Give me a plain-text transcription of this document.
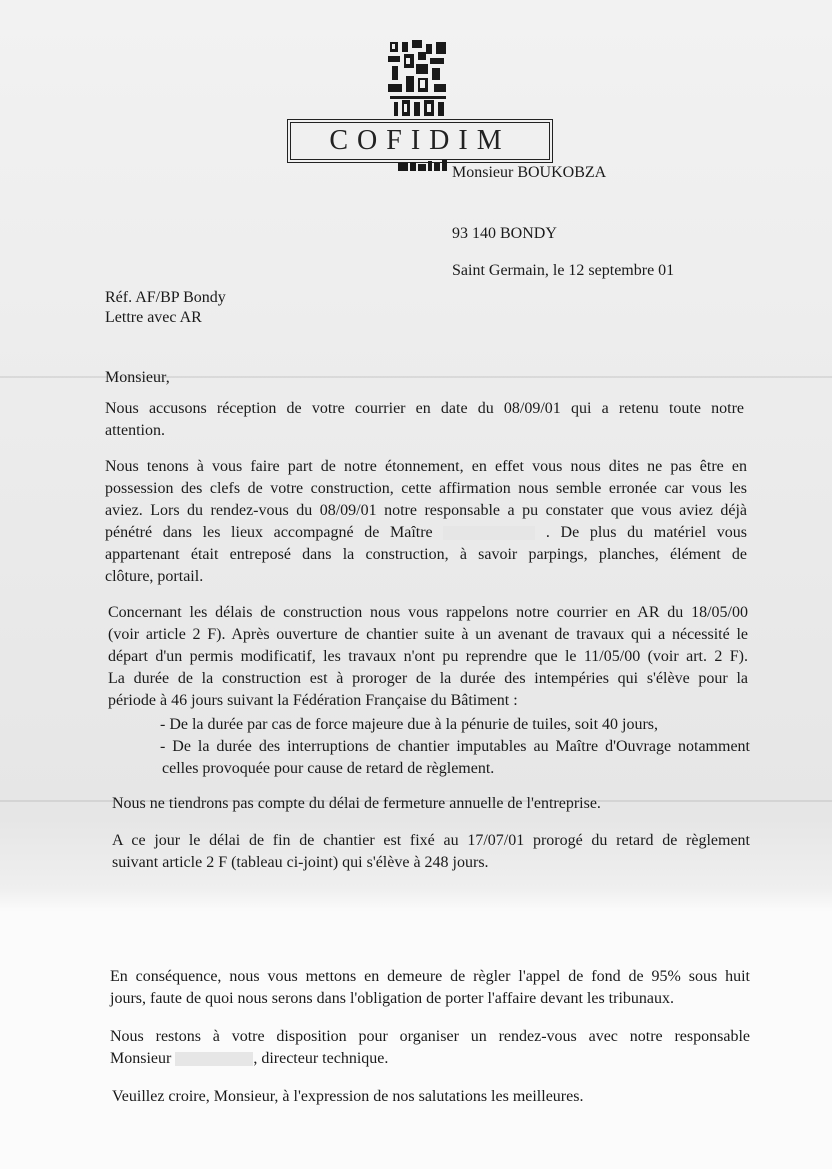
COFIDIM
Monsieur BOUKOBZA
93 140 BONDY
Saint Germain, le 12 septembre 01
Réf. AF/BP Bondy
Lettre avec AR
Monsieur,
Nous accusons réception de votre courrier en date du 08/09/01 qui a retenu toute notre
attention.
Nous tenons à vous faire part de notre étonnement, en effet vous nous dites ne pas être en
possession des clefs de votre construction, cette affirmation nous semble erronée car vous les
aviez. Lors du rendez-vous du 08/09/01 notre responsable a pu constater que vous aviez déjà
pénétré dans les lieux accompagné de Maître	. De plus du matériel vous
appartenant était entreposé dans la construction, à savoir parpings, planches, élément de
clôture, portail.
Concernant les délais de construction nous vous rappelons notre courrier en AR du 18/05/00
(voir article 2 F). Après ouverture de chantier suite à un avenant de travaux qui a nécessité le
départ d'un permis modificatif, les travaux n'ont pu reprendre que le 11/05/00 (voir art. 2 F).
La durée de la construction est à proroger de la durée des intempéries qui s'élève pour la
période à 46 jours suivant la Fédération Française du Bâtiment :
- De la durée par cas de force majeure due à la pénurie de tuiles, soit 40 jours,
- De la durée des interruptions de chantier imputables au Maître d'Ouvrage notamment
celles provoquée pour cause de retard de règlement.
Nous ne tiendrons pas compte du délai de fermeture annuelle de l'entreprise.
A ce jour le délai de fin de chantier est fixé au 17/07/01 prorogé du retard de règlement
suivant article 2 F (tableau ci-joint) qui s'élève à 248 jours.
En conséquence, nous vous mettons en demeure de règler l'appel de fond de 95% sous huit
jours, faute de quoi nous serons dans l'obligation de porter l'affaire devant les tribunaux.
Nous restons à votre disposition pour organiser un rendez-vous avec notre responsable
Monsieur	, directeur technique.
Veuillez croire, Monsieur, à l'expression de nos salutations les meilleures.
